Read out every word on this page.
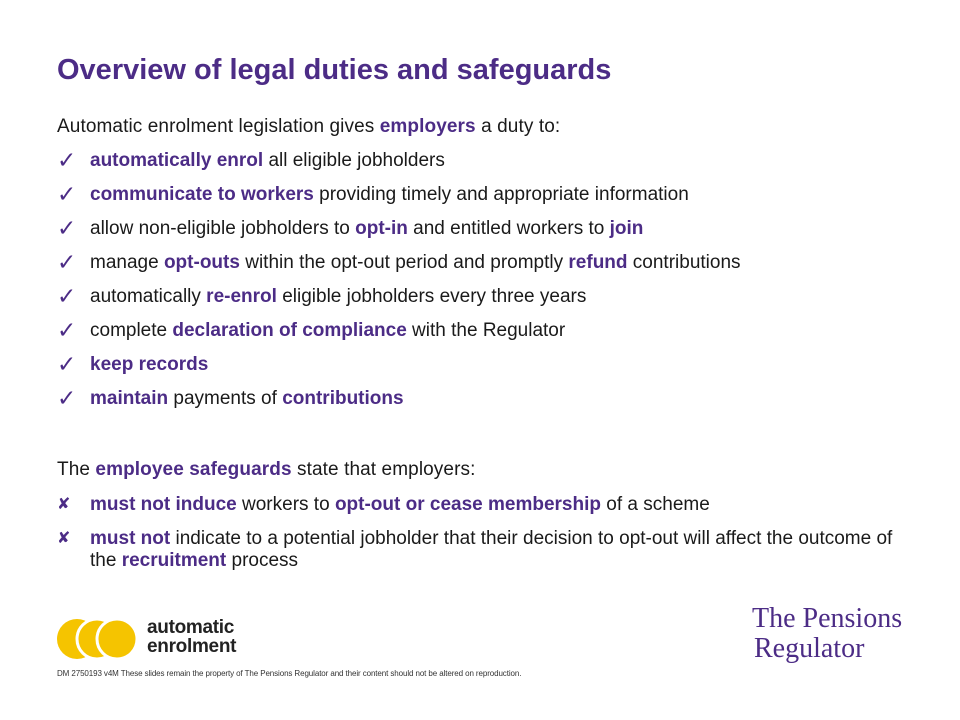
Overview of legal duties and safeguards

Automatic enrolment legislation gives employers a duty to:

✓ automatically enrol all eligible jobholders
✓ communicate to workers providing timely and appropriate information
✓ allow non-eligible jobholders to opt-in and entitled workers to join
✓ manage opt-outs within the opt-out period and promptly refund contributions
✓ automatically re-enrol eligible jobholders every three years
✓ complete declaration of compliance with the Regulator
✓ keep records
✓ maintain payments of contributions

The employee safeguards state that employers:

✘	must not induce workers to opt-out or cease membership of a scheme
✘	must not indicate to a potential jobholder that their decision to opt-out will affect the outcome of the recruitment process
automatic
enrolment
The Pensions
Regulator
DM 2750193 v4M These slides remain the property of The Pensions Regulator and their content should not be altered on reproduction.
